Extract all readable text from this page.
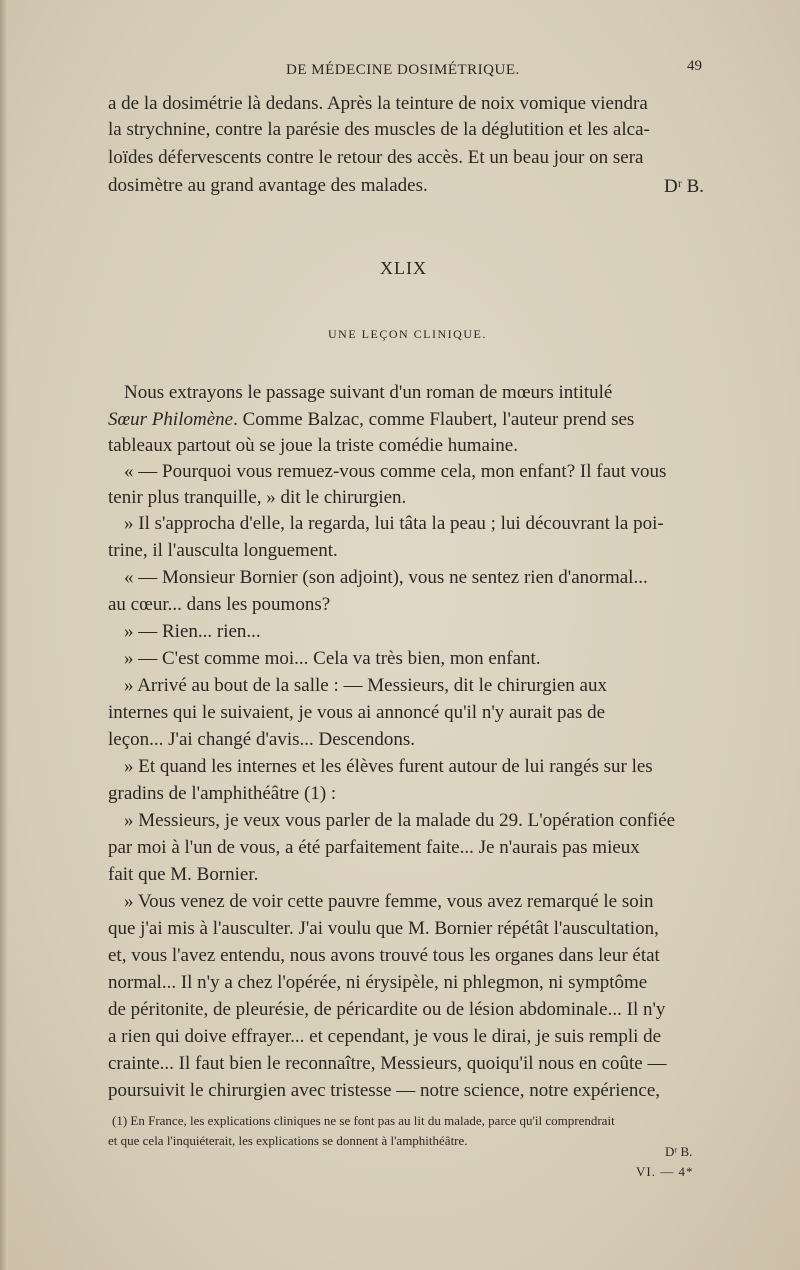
DE MÉDECINE DOSIMÉTRIQUE.	49
a de la dosimétrie là dedans. Après la teinture de noix vomique viendra
la strychnine, contre la parésie des muscles de la déglutition et les alca-
loïdes défervescents contre le retour des accès. Et un beau jour on sera
dosimètre au grand avantage des malades.	Dʳ B.
XLIX
UNE LEÇON CLINIQUE.
Nous extrayons le passage suivant d'un roman de mœurs intitulé
Sœur Philomène. Comme Balzac, comme Flaubert, l'auteur prend ses
tableaux partout où se joue la triste comédie humaine.
« — Pourquoi vous remuez-vous comme cela, mon enfant? Il faut vous
tenir plus tranquille, » dit le chirurgien.
» Il s'approcha d'elle, la regarda, lui tâta la peau ; lui découvrant la poi-
trine, il l'ausculta longuement.
« — Monsieur Bornier (son adjoint), vous ne sentez rien d'anormal...
au cœur... dans les poumons?
» — Rien... rien...
» — C'est comme moi... Cela va très bien, mon enfant.
» Arrivé au bout de la salle : — Messieurs, dit le chirurgien aux
internes qui le suivaient, je vous ai annoncé qu'il n'y aurait pas de
leçon... J'ai changé d'avis... Descendons.
» Et quand les internes et les élèves furent autour de lui rangés sur les
gradins de l'amphithéâtre (1) :
» Messieurs, je veux vous parler de la malade du 29. L'opération confiée
par moi à l'un de vous, a été parfaitement faite... Je n'aurais pas mieux
fait que M. Bornier.
» Vous venez de voir cette pauvre femme, vous avez remarqué le soin
que j'ai mis à l'ausculter. J'ai voulu que M. Bornier répétât l'auscultation,
et, vous l'avez entendu, nous avons trouvé tous les organes dans leur état
normal... Il n'y a chez l'opérée, ni érysipèle, ni phlegmon, ni symptôme
de péritonite, de pleurésie, de péricardite ou de lésion abdominale... Il n'y
a rien qui doive effrayer... et cependant, je vous le dirai, je suis rempli de
crainte... Il faut bien le reconnaître, Messieurs, quoiqu'il nous en coûte —
poursuivit le chirurgien avec tristesse — notre science, notre expérience,
(1) En France, les explications cliniques ne se font pas au lit du malade, parce qu'il comprendrait
et que cela l'inquiéterait, les explications se donnent à l'amphithéâtre.
Dʳ B.
VI. — 4*
